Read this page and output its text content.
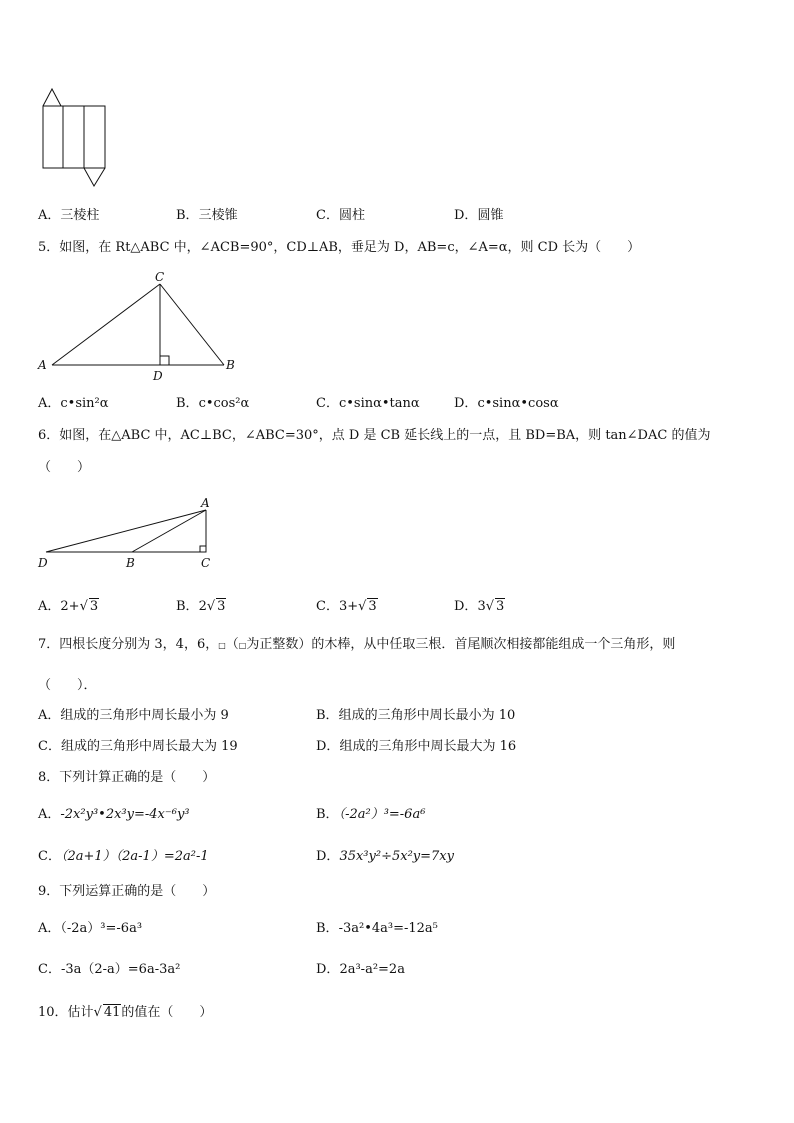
A．三棱柱	B．三棱锥	C．圆柱	D．圆锥
5．如图，在 Rt△ABC 中，∠ACB=90°，CD⊥AB，垂足为 D，AB=c，∠A=α，则 CD 长为（　　）
C
A	B
D
A．c•sin²α	B．c•cos²α	C．c•sinα•tanα	D．c•sinα•cosα
6．如图，在△ABC 中，AC⊥BC，∠ABC=30°，点 D 是 CB 延长线上的一点，且 BD=BA，则 tan∠DAC 的值为
（　　）
A
D	B	C
A．2+√ 3	B．2√ 3	C．3+√ 3	D．3√ 3
7．四根长度分别为 3，4，6，□（□为正整数）的木棒，从中任取三根．首尾顺次相接都能组成一个三角形，则
（　　）．
A．组成的三角形中周长最小为 9	B．组成的三角形中周长最小为 10
C．组成的三角形中周长最大为 19	D．组成的三角形中周长最大为 16
8．下列计算正确的是（　　）
A．-2x²y³•2x³y=-4x⁻⁶y³	B．（-2a²）³=-6a⁶
C．（2a+1）（2a-1）=2a²-1	D．35x³y²÷5x²y=7xy
9．下列运算正确的是（　　）
A．（-2a）³=-6a³	B．-3a²•4a³=-12a⁵
C．-3a（2-a）=6a-3a²	D．2a³-a²=2a
10．估计√ 41的值在（　　）
